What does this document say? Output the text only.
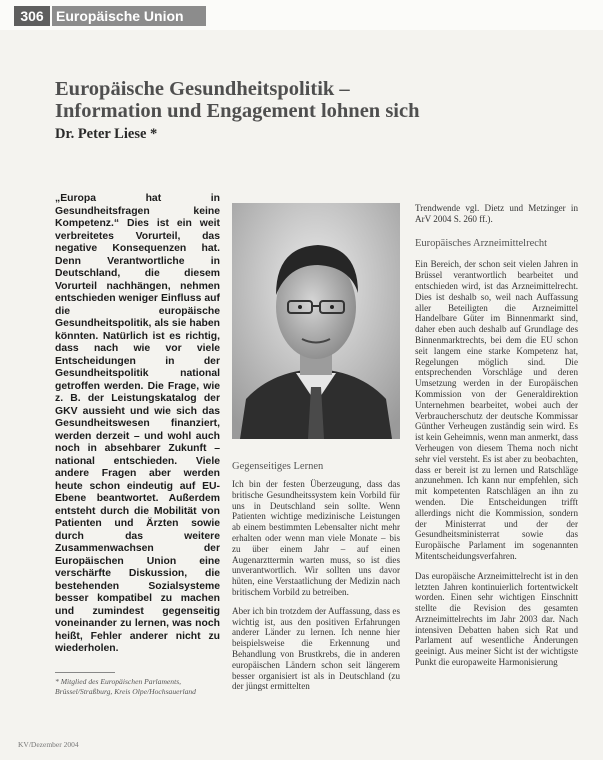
306 Europäische Union
Europäische Gesundheitspolitik –
Information und Engagement lohnen sich
Dr. Peter Liese *

„Europa hat in Gesundheitsfragen keine Kompetenz.“ Dies ist ein weit verbreitetes Vorurteil, das negative Konsequenzen hat. Denn Verantwortliche in Deutschland, die diesem Vorurteil nachhängen, nehmen entschieden weniger Einfluss auf die europäische Gesundheitspolitik, als sie haben könnten. Natürlich ist es richtig, dass nach wie vor viele Entscheidungen in der Gesundheitspolitik national getroffen werden. Die Frage, wie z. B. der Leistungskatalog der GKV aussieht und wie sich das Gesundheitswesen finanziert, werden derzeit – und wohl auch noch in absehbarer Zukunft – national entschieden. Viele andere Fragen aber werden heute schon eindeutig auf EU-Ebene beantwortet. Außerdem entsteht durch die Mobilität von Patienten und Ärzten sowie durch das weitere Zusammenwachsen der Europäischen Union eine verschärfte Diskussion, die bestehenden Sozialsysteme besser kompatibel zu machen und zumindest gegenseitig voneinander zu lernen, was noch heißt, Fehler anderer nicht zu wiederholen.

Gegenseitiges Lernen

Ich bin der festen Überzeugung, dass das britische Gesundheitssystem kein Vorbild für uns in Deutschland sein sollte. Wenn Patienten wichtige medizinische Leistungen ab einem bestimmten Lebensalter nicht mehr erhalten oder wenn man viele Monate – bis zu über einem Jahr – auf einen Augenarzttermin warten muss, so ist dies unverantwortlich. Wir sollten uns davor hüten, eine Verstaatlichung der Medizin nach britischem Vorbild zu betreiben.

Aber ich bin trotzdem der Auffassung, dass es wichtig ist, aus den positiven Erfahrungen anderer Länder zu lernen. Ich nenne hier beispielsweise die Erkennung und Behandlung von Brustkrebs, die in anderen europäischen Ländern schon seit längerem besser organisiert ist als in Deutschland (zu der jüngst ermittelten

Trendwende vgl. Dietz und Metzinger in ArV 2004 S. 260 ff.).

Europäisches Arzneimittelrecht

Ein Bereich, der schon seit vielen Jahren in Brüssel verantwortlich bearbeitet und entschieden wird, ist das Arzneimittelrecht. Dies ist deshalb so, weil nach Auffassung aller Beteiligten die Arzneimittel Handelbare Güter im Binnenmarkt sind, daher eben auch deshalb auf Grundlage des Binnenmarktrechts, bei dem die EU schon seit langem eine starke Kompetenz hat, Regelungen möglich sind. Die entsprechenden Vorschläge und deren Umsetzung werden in der Europäischen Kommission von der Generaldirektion Unternehmen bearbeitet, wobei auch der Verbraucherschutz der deutsche Kommissar Günther Verheugen zuständig sein wird. Es ist kein Geheimnis, wenn man anmerkt, dass Verheugen von diesem Thema noch nicht sehr viel versteht. Es ist aber zu beobachten, dass er bereit ist zu lernen und Ratschläge anzunehmen. Ich kann nur empfehlen, sich mit kompetenten Ratschlägen an ihn zu wenden. Die Entscheidungen trifft allerdings nicht die Kommission, sondern der Ministerrat und der der Gesundheitsministerrat sowie das Europäische Parlament im sogenannten Mitentscheidungsverfahren.

Das europäische Arzneimittelrecht ist in den letzten Jahren kontinuierlich fortentwickelt worden. Einen sehr wichtigen Einschnitt stellte die Revision des gesamten Arzneimittelrechts im Jahr 2003 dar. Nach intensiven Debatten haben sich Rat und Parlament auf wesentliche Änderungen geeinigt. Aus meiner Sicht ist der wichtigste Punkt die europaweite Harmonisierung

* Mitglied des Europäischen Parlaments, Brüssel/Straßburg, Kreis Olpe/Hochsauerland
KV/Dezember 2004
